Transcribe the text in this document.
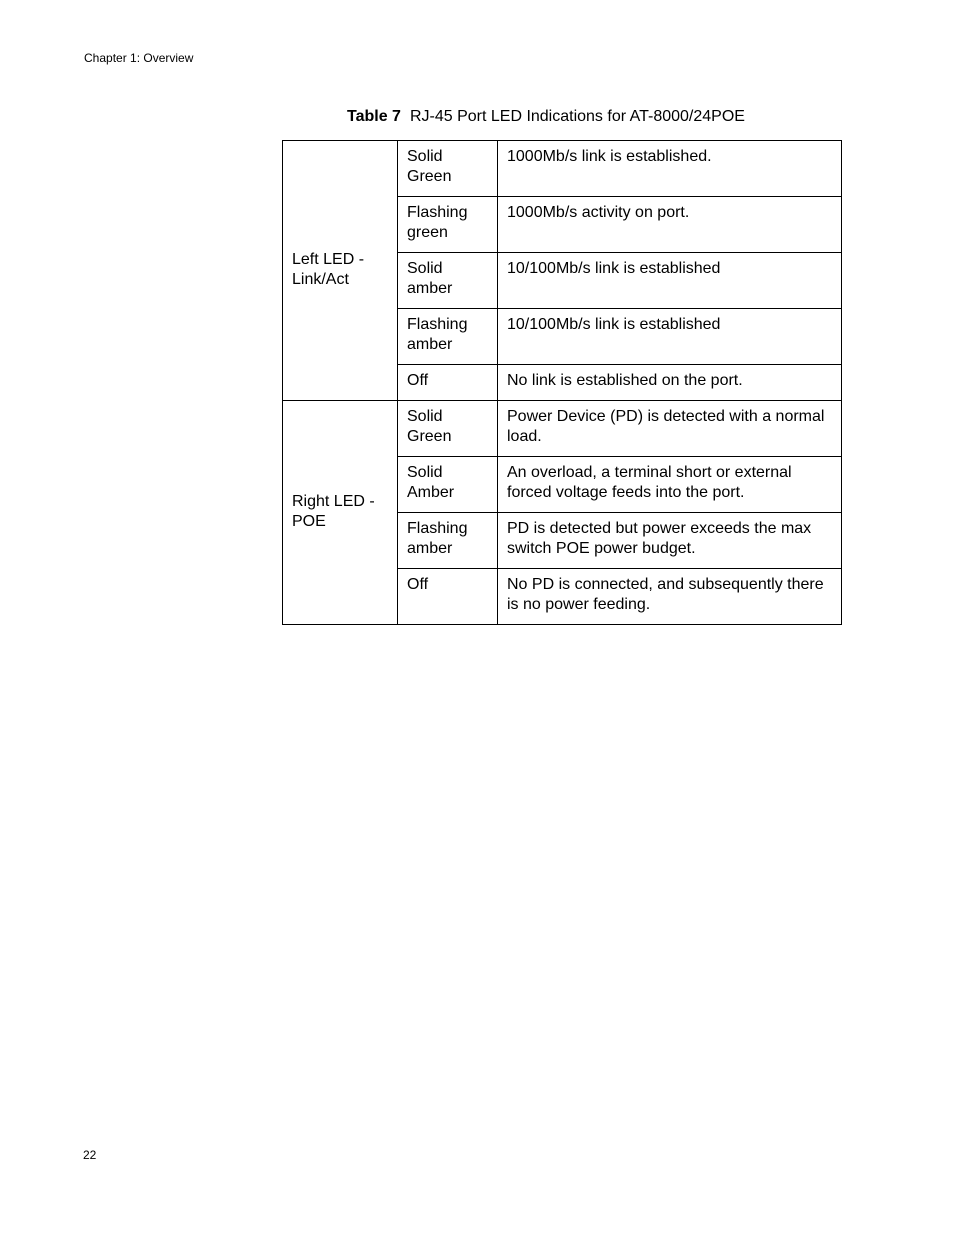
Chapter 1: Overview
Table 7 RJ-45 Port LED Indications for AT-8000/24POE
Left LED - Link/Act	Solid Green	1000Mb/s link is established.
	Flashing green	1000Mb/s activity on port.
	Solid amber	10/100Mb/s link is established
	Flashing amber	10/100Mb/s link is established
	Off	No link is established on the port.
Right LED - POE	Solid Green	Power Device (PD) is detected with a normal load.
	Solid Amber	An overload, a terminal short or external forced voltage feeds into the port.
	Flashing amber	PD is detected but power exceeds the max switch POE power budget.
	Off	No PD is connected, and subsequently there is no power feeding.
22
